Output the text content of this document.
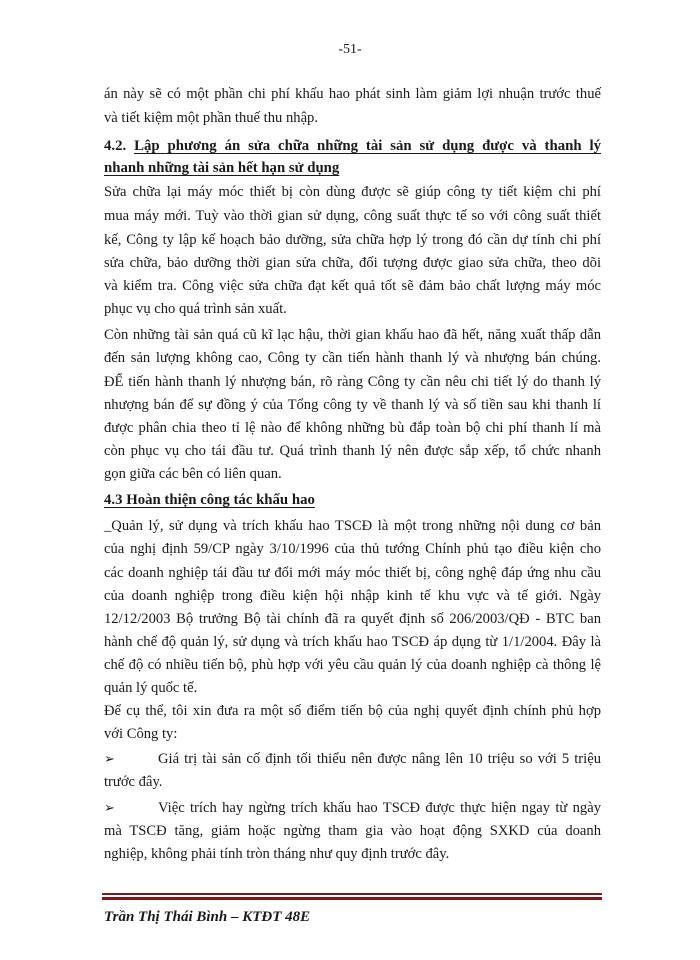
-51-
án này sẽ có một phần chi phí khấu hao phát sinh làm giảm lợi nhuận trước thuế
và tiết kiệm một phần thuế thu nhập.
4.2. Lập phương án sửa chữa những tài sản sử dụng được và thanh lý
nhanh những tài sản hết hạn sử dụng
Sửa chữa lại máy móc thiết bị còn dùng được sẽ giúp công ty tiết kiệm chi phí
mua máy mới. Tuỳ vào thời gian sử dụng, công suất thực tế so với công suất thiết
kế, Công ty lập kế hoạch bảo dưỡng, sửa chữa hợp lý trong đó cần dự tính chi phí
sửa chữa, bảo dưỡng thời gian sửa chữa, đối tượng được giao sửa chữa, theo dõi
và kiểm tra. Công việc sửa chữa đạt kết quả tốt sẽ đảm bảo chất lượng máy móc
phục vụ cho quá trình sản xuất.
Còn những tài sản quá cũ kĩ lạc hậu, thời gian khấu hao đã hết, năng xuất thấp dẫn
đến sản lượng không cao, Công ty cần tiến hành thanh lý và nhượng bán chúng.
ĐỂ tiến hành thanh lý nhượng bán, rõ ràng Công ty cần nêu chi tiết lý do thanh lý
nhượng bán để sự đồng ý của Tổng công ty về thanh lý và số tiền sau khi thanh lí
được phân chia theo tỉ lệ nào để không những bù đắp toàn bộ chi phí thanh lí mà
còn phục vụ cho tái đầu tư. Quá trình thanh lý nên được sắp xếp, tổ chức nhanh
gọn giữa các bên có liên quan.
4.3 Hoàn thiện công tác khấu hao
_Quản lý, sử dụng và trích khấu hao TSCĐ là một trong những nội dung cơ bản
của nghị định 59/CP ngày 3/10/1996 của thủ tướng Chính phủ tạo điều kiện cho
các doanh nghiệp tái đầu tư đổi mới máy móc thiết bị, công nghệ đáp ứng nhu cầu
của doanh nghiệp trong điều kiện hội nhập kinh tế khu vực và tế giới. Ngày
12/12/2003 Bộ trưởng Bộ tài chính đã ra quyết định số 206/2003/QĐ - BTC ban
hành chế độ quản lý, sử dụng và trích khấu hao TSCĐ áp dụng từ 1/1/2004. Đây là
chế độ có nhiều tiến bộ, phù hợp với yêu cầu quản lý của doanh nghiệp cà thông lệ
quản lý quốc tế.
Để cụ thể, tôi xin đưa ra một số điểm tiến bộ của nghị quyết định chính phủ hợp
với Công ty:
➢	Giá trị tài sản cố định tối thiểu nên được nâng lên 10 triệu so với 5 triệu
trước đây.
➢	Việc trích hay ngừng trích khấu hao TSCĐ được thực hiện ngay từ ngày
mà TSCĐ tăng, giảm hoặc ngừng tham gia vào hoạt động SXKD của doanh
nghiệp, không phải tính tròn tháng như quy định trước đây.
Trần Thị Thái Bình – KTĐT 48E
